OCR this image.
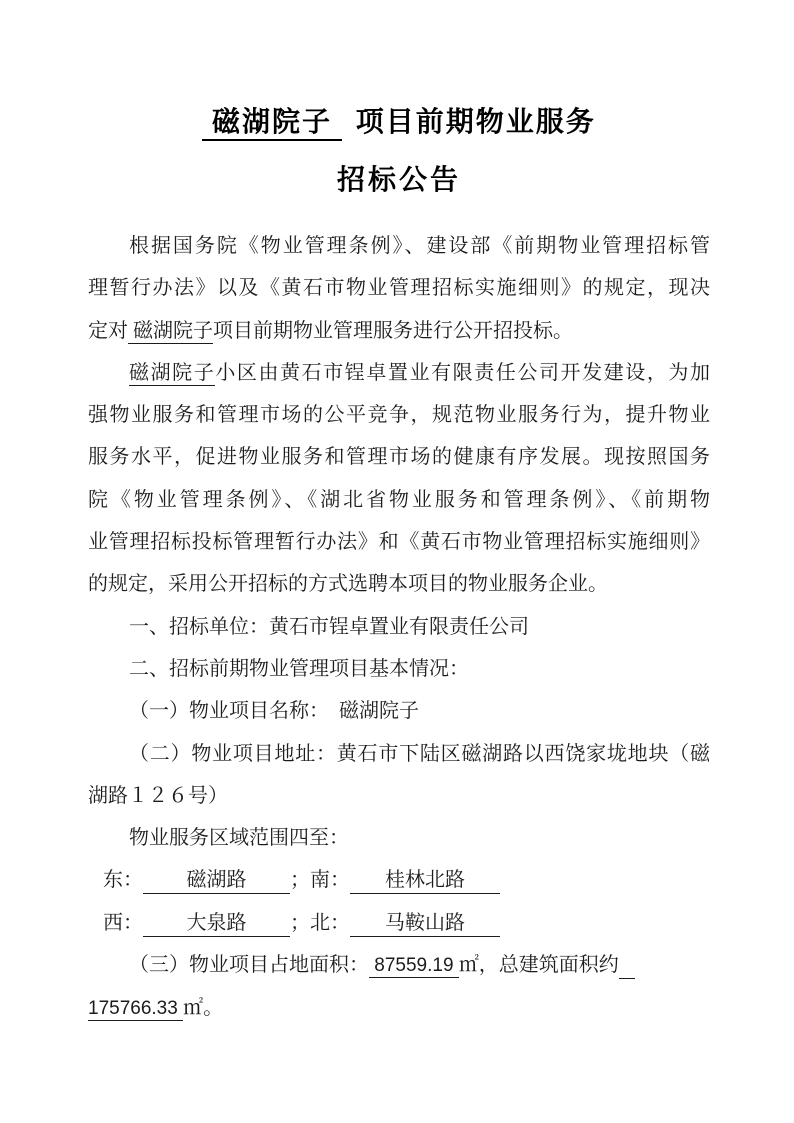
磁湖院子 项目前期物业服务
招标公告
根据国务院《物业管理条例》、建设部《前期物业管理招标管
理暂行办法》以及《黄石市物业管理招标实施细则》的规定，现决
定对 磁湖院子项目前期物业管理服务进行公开招投标。
磁湖院子小区由黄石市锃卓置业有限责任公司开发建设，为加
强物业服务和管理市场的公平竞争，规范物业服务行为，提升物业
服务水平，促进物业服务和管理市场的健康有序发展。现按照国务
院《物业管理条例》、《湖北省物业服务和管理条例》、《前期物
业管理招标投标管理暂行办法》和《黄石市物业管理招标实施细则》
的规定，采用公开招标的方式选聘本项目的物业服务企业。
一、招标单位：黄石市锃卓置业有限责任公司
二、招标前期物业管理项目基本情况：
（一）物业项目名称：　磁湖院子
（二）物业项目地址：黄石市下陆区磁湖路以西饶家垅地块（磁
湖路１２６号）
物业服务区域范围四至：
东： 磁湖路 ；南： 桂林北路
西： 大泉路 ；北： 马鞍山路
（三）物业项目占地面积： 87559.19 ㎡，总建筑面积约
175766.33 ㎡。
